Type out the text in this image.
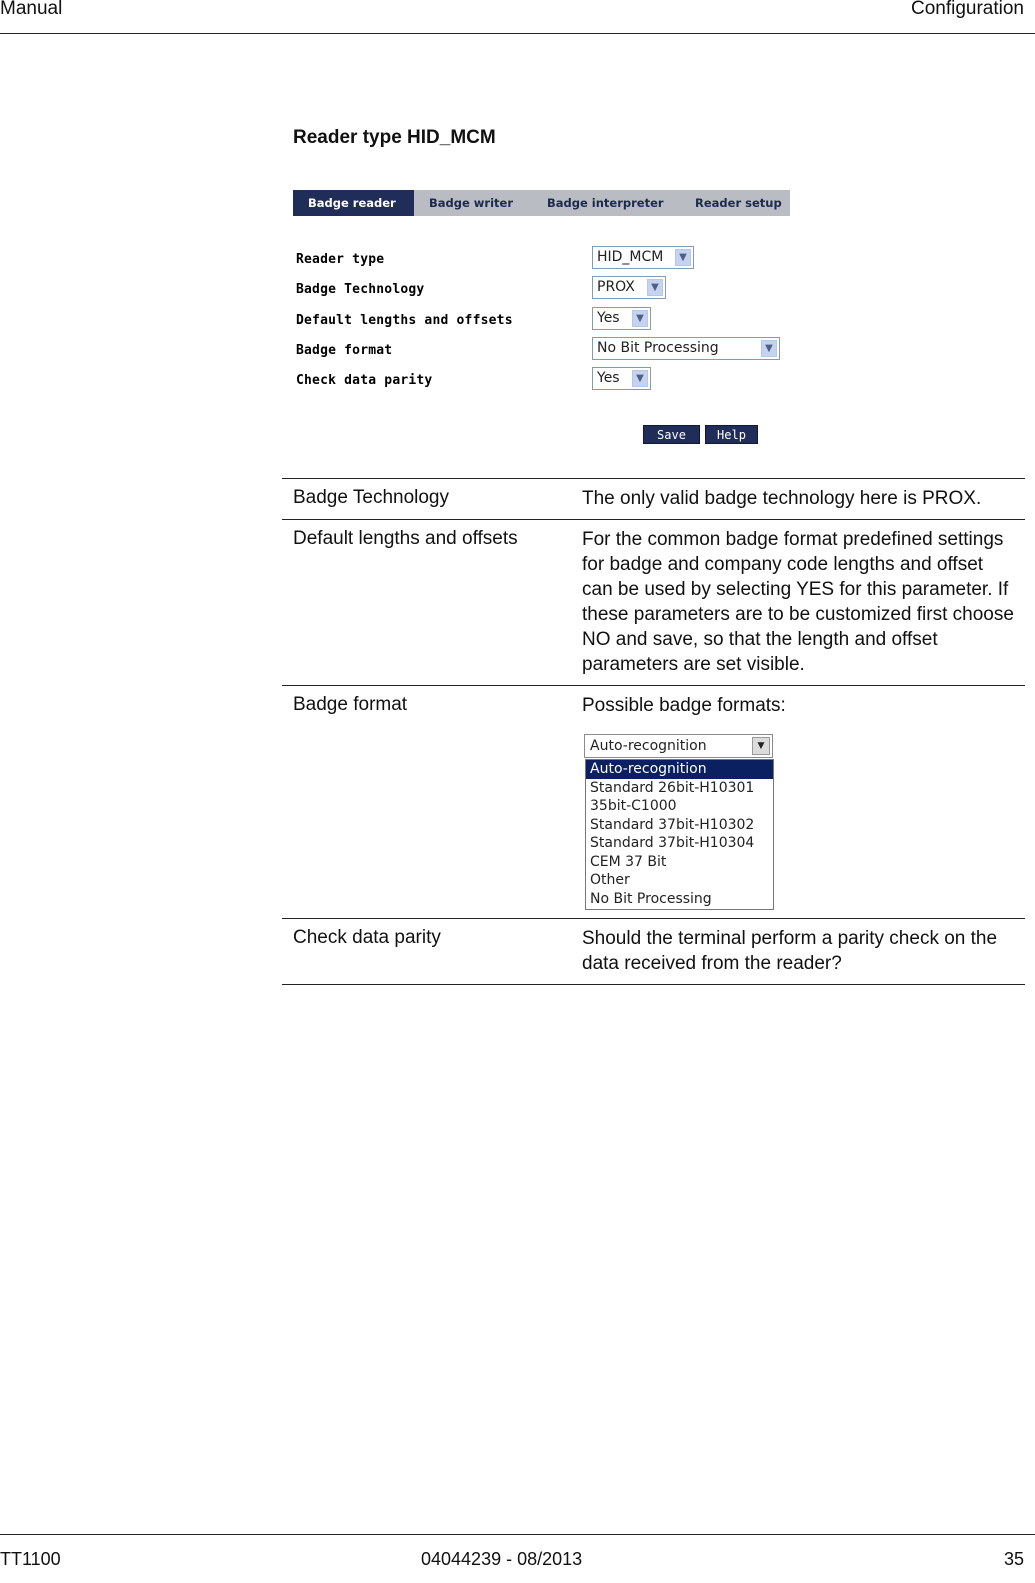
Manual	Configuration
Reader type HID_MCM
Badge reader	Badge writer	Badge interpreter	Reader setup
Reader type	HID_MCM	▼
Badge Technology	PROX	▼
Default lengths and offsets	Yes	▼
Badge format	No Bit Processing	▼
Check data parity	Yes	▼
Save	Help
Badge Technology	The only valid badge technology here is PROX.
Default lengths and offsets	For the common badge format predefined settings for badge and company code lengths and offset can be used by selecting YES for this parameter. If these parameters are to be customized first choose NO and save, so that the length and offset parameters are set visible.
Badge format	Possible badge formats:
Auto-recognition	▼
Auto-recognition
Standard 26bit-H10301
35bit-C1000
Standard 37bit-H10302
Standard 37bit-H10304
CEM 37 Bit
Other
No Bit Processing
Check data parity	Should the terminal perform a parity check on the data received from the reader?
TT1100	04044239 - 08/2013	35
